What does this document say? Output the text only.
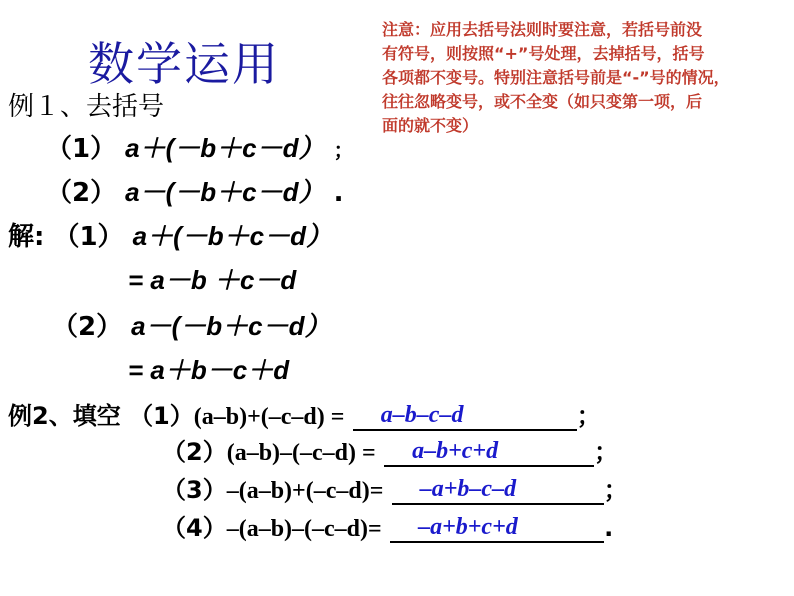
数学运用
注意：应用去括号法则时要注意，若括号前没
有符号，则按照“+”号处理，去掉括号，括号
各项都不变号。特别注意括号前是“-”号的情况，
往往忽略变号，或不全变（如只变第一项，后
面的就不变）
例１、去括号
（1） a＋(－b＋c－d） ；
（2） a－(－b＋c－d） .
解: （1） a＋(－b＋c－d）
= a－b ＋c－d
（2） a－(－b＋c－d）
= a＋b－c＋d
例2、填空 （1）(a–b)+(–c–d) = a–b–c–d	；
（2）(a–b)–(–c–d) = a–b+c+d	；
（3）–(a–b)+(–c–d)= –a+b–c–d	；
（4）–(a–b)–(–c–d)= –a+b+c+d	.
